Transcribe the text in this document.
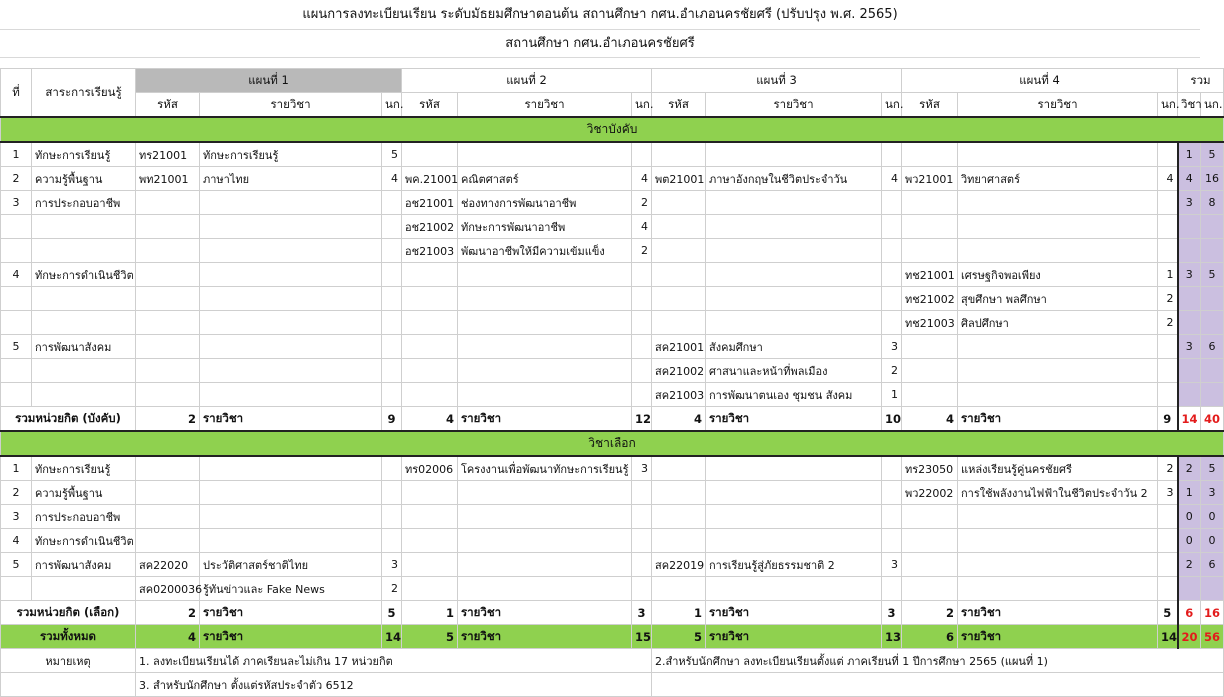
แผนการลงทะเบียนเรียน ระดับมัธยมศึกษาตอนต้น สถานศึกษา กศน.อำเภอนครชัยศรี (ปรับปรุง พ.ศ. 2565)
สถานศึกษา กศน.อำเภอนครชัยศรี
ที่	สาระการเรียนรู้	แผนที่ 1			แผนที่ 2			แผนที่ 3			แผนที่ 4			รวม	
		รหัส	รายวิชา	นก.	รหัส	รายวิชา	นก.	รหัส	รายวิชา	นก.	รหัส	รายวิชา	นก.	วิชา	นก.
วิชาบังคับ															
1	ทักษะการเรียนรู้	ทร21001	ทักษะการเรียนรู้	5										1	5
2	ความรู้พื้นฐาน	พท21001	ภาษาไทย	4	พค.21001	คณิตศาสตร์	4	พต21001	ภาษาอังกฤษในชีวิตประจำวัน	4	พว21001	วิทยาศาสตร์	4	4	16
3	การประกอบอาชีพ				อช21001	ช่องทางการพัฒนาอาชีพ	2							3	8
					อช21002	ทักษะการพัฒนาอาชีพ	4								
					อช21003	พัฒนาอาชีพให้มีความเข้มแข็ง	2								
4	ทักษะการดำเนินชีวิต										ทช21001	เศรษฐกิจพอเพียง	1	3	5
											ทช21002	สุขศึกษา พลศึกษา	2		
											ทช21003	ศิลปศึกษา	2		
5	การพัฒนาสังคม							สค21001	สังคมศึกษา	3				3	6
								สค21002	ศาสนาและหน้าที่พลเมือง	2					
								สค21003	การพัฒนาตนเอง ชุมชน สังคม	1					
รวมหน่วยกิต (บังคับ)		2	รายวิชา	9	4	รายวิชา	12	4	รายวิชา	10	4	รายวิชา	9	14	40
วิชาเลือก															
1	ทักษะการเรียนรู้				ทร02006	โครงงานเพื่อพัฒนาทักษะการเรียนรู้	3				ทร23050	แหล่งเรียนรู้คู่นครชัยศรี	2	2	5
2	ความรู้พื้นฐาน										พว22002	การใช้พลังงานไฟฟ้าในชีวิตประจำวัน 2	3	1	3
3	การประกอบอาชีพ													0	0
4	ทักษะการดำเนินชีวิต													0	0
5	การพัฒนาสังคม	สค22020	ประวัติศาสตร์ชาติไทย	3				สค22019	การเรียนรู้สู่ภัยธรรมชาติ 2	3				2	6
		สค0200036	รู้ทันข่าวและ Fake News	2											
รวมหน่วยกิต (เลือก)		2	รายวิชา	5	1	รายวิชา	3	1	รายวิชา	3	2	รายวิชา	5	6	16
รวมทั้งหมด		4	รายวิชา	14	5	รายวิชา	15	5	รายวิชา	13	6	รายวิชา	14	20	56
หมายเหตุ		1. ลงทะเบียนเรียนได้ ภาคเรียนละไม่เกิน 17 หน่วยกิต						2.สำหรับนักศึกษา ลงทะเบียนเรียนตั้งแต่ ภาคเรียนที่ 1 ปีการศึกษา 2565 (แผนที่ 1)							
		3. สำหรับนักศึกษา ตั้งแต่รหัสประจำตัว 6512													
